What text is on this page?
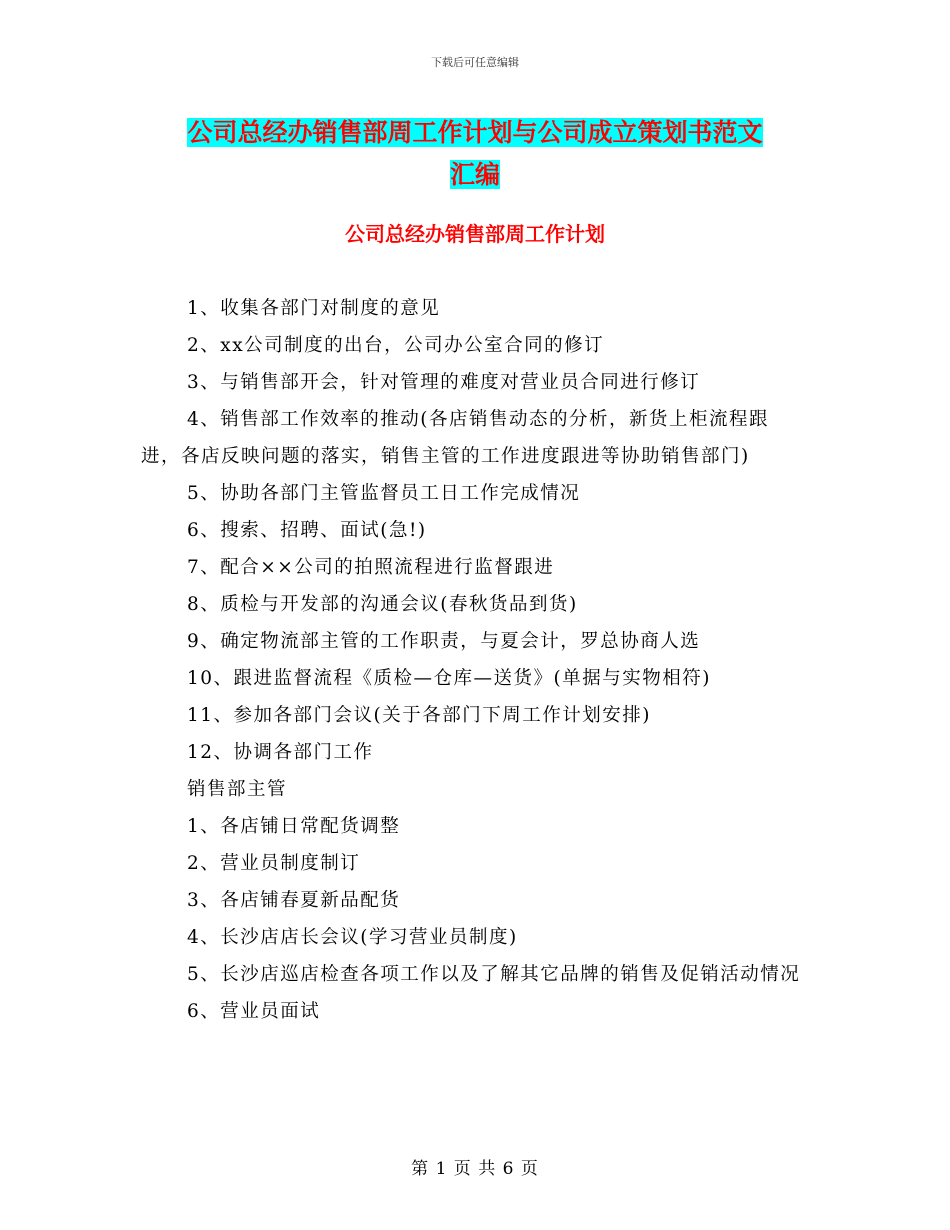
下载后可任意编辑
公司总经办销售部周工作计划与公司成立策划书范文
汇编
公司总经办销售部周工作计划

1、收集各部门对制度的意见

2、xx公司制度的出台，公司办公室合同的修订

3、与销售部开会，针对管理的难度对营业员合同进行修订

4、销售部工作效率的推动(各店销售动态的分析，新货上柜流程跟进，各店反映问题的落实，销售主管的工作进度跟进等协助销售部门)

5、协助各部门主管监督员工日工作完成情况

6、搜索、招聘、面试(急!)

7、配合××公司的拍照流程进行监督跟进

8、质检与开发部的沟通会议(春秋货品到货)

9、确定物流部主管的工作职责，与夏会计，罗总协商人选

10、跟进监督流程《质检—仓库—送货》(单据与实物相符)

11、参加各部门会议(关于各部门下周工作计划安排)

12、协调各部门工作

销售部主管

1、各店铺日常配货调整

2、营业员制度制订

3、各店铺春夏新品配货

4、长沙店店长会议(学习营业员制度)

5、长沙店巡店检查各项工作以及了解其它品牌的销售及促销活动情况

6、营业员面试

第 1 页 共 6 页
